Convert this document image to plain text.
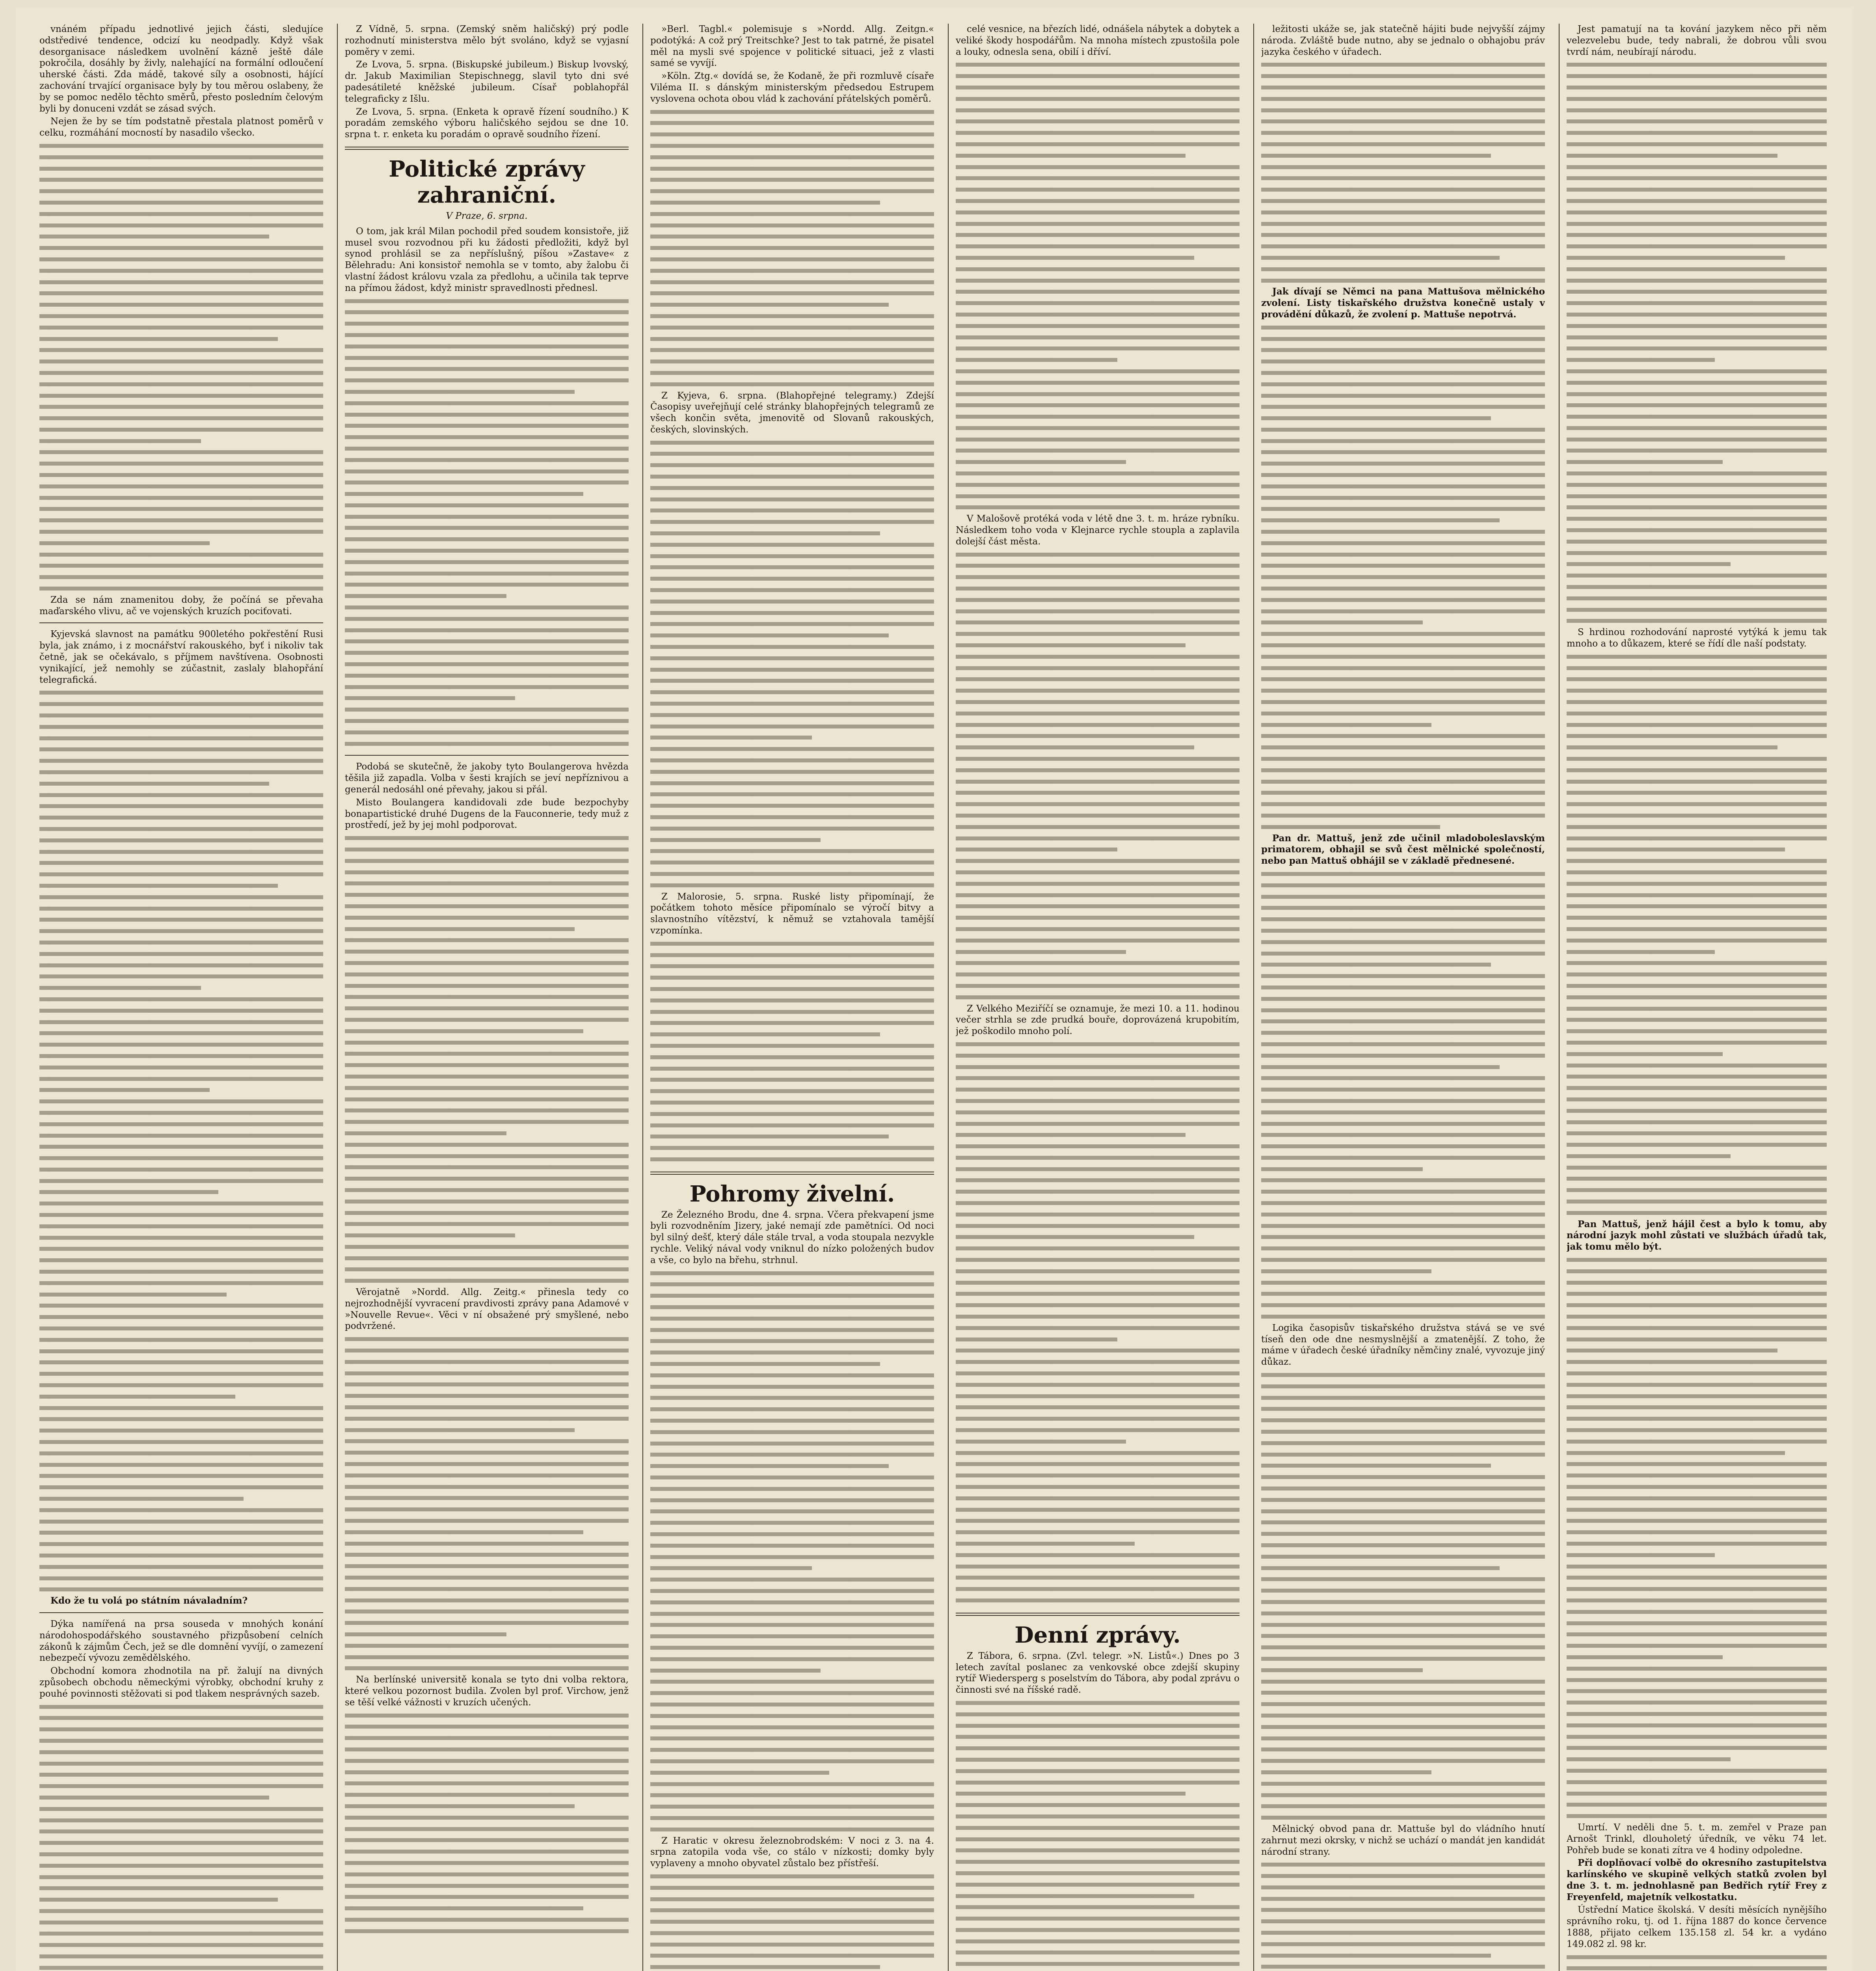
vnáném případu jednotlivé jejich části, sledujíce odstředivé tendence, odcizí ku neodpadly. Když však desorganisace následkem uvolnění kázně ještě dále pokročila, dosáhly by živly, nalehající na formální odloučení uherské části. Zda mádě, takové síly a osobnosti, hájící zachování trvající organisace byly by tou měrou oslabeny, že by se pomoc nedělo těchto směrů, přesto posledním čelovým byli by donuceni vzdát se zásad svých.

Nejen že by se tím podstatně přestala platnost poměrů v celku, rozmáhání mocností by nasadilo všecko.

Zda se nám znamenitou doby, že počíná se převaha maďarského vlivu, ač ve vojenských kruzích pociťovati.

Kyjevská slavnost na památku 900letého pokřestění Rusi byla, jak známo, i z mocnářství rakouského, byť i nikoliv tak četně, jak se očekávalo, s příjmem navštívena. Osobnosti vynikající, jež nemohly se zúčastnit, zaslaly blahopřání telegrafická.

Kdo že tu volá po státním návaladním?

Dýka namířená na prsa souseda v mnohých konání národohospodářského soustavného přizpůsobení celních zákonů k zájmům Čech, jež se dle domnění vyvíjí, o zamezení nebezpečí vývozu zemědělského.

Obchodní komora zhodnotila na př. žalují na divných způsobech obchodu německými výrobky, obchodní kruhy z pouhé povinnosti stěžovati si pod tlakem nesprávných sazeb.

Z Vídně, 5. srpna. (Zemský sněm haličský) prý podle rozhodnutí ministerstva mělo být svoláno, když se vyjasní poměry v zemi.

Ze Lvova, 5. srpna. (Biskupské jubileum.) Biskup lvovský, dr. Jakub Maximilian Stepischnegg, slavil tyto dni své padesátileté kněžské jubileum. Císař poblahopřál telegraficky z Išlu.

Ze Lvova, 5. srpna. (Enketa k opravě řízení soudního.) K poradám zemského výboru haličského sejdou se dne 10. srpna t. r. enketa ku poradám o opravě soudního řízení.

Politické zprávy zahraniční.
V Praze, 6. srpna.

O tom, jak král Milan pochodil před soudem konsistoře, již musel svou rozvodnou při ku žádosti předložiti, když byl synod prohlásil se za nepříslušný, píšou »Zastave« z Bělehradu: Ani konsistoř nemohla se v tomto, aby žalobu či vlastní žádost královu vzala za předlohu, a učinila tak teprve na přímou žádost, když ministr spravedlnosti přednesl.

Podobá se skutečně, že jakoby tyto Boulangerova hvězda těšila již zapadla. Volba v šesti krajích se jeví nepříznivou a generál nedosáhl oné převahy, jakou si přál.

Misto Boulangera kandidovali zde bude bezpochyby bonapartistické druhé Dugens de la Fauconnerie, tedy muž z prostředí, jež by jej mohl podporovat.

Věrojatně »Nordd. Allg. Zeitg.« přinesla tedy co nejrozhodnější vyvracení pravdivosti zprávy pana Adamové v »Nouvelle Revue«. Věci v ní obsažené prý smyšlené, nebo podvržené.

Na berlínské universitě konala se tyto dni volba rektora, které velkou pozornost budila. Zvolen byl prof. Virchow, jenž se těší velké vážnosti v kruzích učených.

»Berl. Tagbl.« polemisuje s »Nordd. Allg. Zeitgn.« podotýká: A což prý Treitschke? Jest to tak patrné, že pisatel měl na mysli své spojence v politické situaci, jež z vlasti samé se vyvíjí.

»Köln. Ztg.« dovídá se, že Kodaně, že při rozmluvě císaře Viléma II. s dánským ministerským předsedou Estrupem vyslovena ochota obou vlád k zachování přátelských poměrů.

Z Kyjeva, 6. srpna. (Blahopřejné telegramy.) Zdejší Časopisy uveřejňují celé stránky blahopřejných telegramů ze všech končin světa, jmenovitě od Slovanů rakouských, českých, slovinských.

Z Malorosie, 5. srpna. Ruské listy připomínají, že počátkem tohoto měsíce připomínalo se výročí bitvy a slavnostního vítězství, k němuž se vztahovala tamější vzpomínka.

Pohromy živelní.

Ze Železného Brodu, dne 4. srpna. Včera překvapení jsme byli rozvodněním Jizery, jaké nemají zde pamětníci. Od noci byl silný dešť, který dále stále trval, a voda stoupala nezvykle rychle. Veliký nával vody vniknul do nízko položených budov a vše, co bylo na břehu, strhnul.

Z Haratic v okresu železnobrodském: V noci z 3. na 4. srpna zatopila voda vše, co stálo v nízkosti; domky byly vyplaveny a mnoho obyvatel zůstalo bez přístřeší.

celé vesnice, na březích lidé, odnášela nábytek a dobytek a veliké škody hospodářům. Na mnoha místech zpustošila pole a louky, odnesla sena, obilí i dříví.

V Malošově protéká voda v létě dne 3. t. m. hráze rybníku. Následkem toho voda v Klejnarce rychle stoupla a zaplavila dolejší část města.

Z Velkého Meziříčí se oznamuje, že mezi 10. a 11. hodinou večer strhla se zde prudká bouře, doprovázená krupobitím, jež poškodilo mnoho polí.

Denní zprávy.

Z Tábora, 6. srpna. (Zvl. telegr. »N. Listů«.) Dnes po 3 letech zavítal poslanec za venkovské obce zdejší skupiny rytíř Wiedersperg s poselstvím do Tábora, aby podal zprávu o činnosti své na říšské radě.

ležitosti ukáže se, jak statečně hájiti bude nejvyšší zájmy národa. Zvláště bude nutno, aby se jednalo o obhajobu práv jazyka českého v úřadech.

Jak dívají se Němci na pana Mattušova mělnického zvolení. Listy tiskařského družstva konečně ustaly v provádění důkazů, že zvolení p. Mattuše nepotrvá.

Pan dr. Mattuš, jenž zde učinil mladoboleslavským primatorem, obhajil se svů čest mělnické společností, nebo pan Mattuš obhájil se v základě přednesené.

Logika časopisův tiskařského družstva stává se ve své tíseň den ode dne nesmyslnější a zmatenější. Z toho, že máme v úřadech české úřadníky němčiny znalé, vyvozuje jiný důkaz.

Mělnický obvod pana dr. Mattuše byl do vládního hnutí zahrnut mezi okrsky, v nichž se uchází o mandát jen kandidát národní strany.

Jest pamatují na ta kování jazykem něco při něm velezvelebu bude, tedy nabrali, že dobrou vůli svou tvrdí nám, neubírají národu.

S hrdinou rozhodování naprosté vytýká k jemu tak mnoho a to důkazem, které se řídí dle naší podstaty.

Pan Mattuš, jenž hájil čest a bylo k tomu, aby národní jazyk mohl zůstati ve službách úřadů tak, jak tomu mělo být.

Umrtí. V neděli dne 5. t. m. zemřel v Praze pan Arnošt Trinkl, dlouholetý úředník, ve věku 74 let. Pohřeb bude se konati zítra ve 4 hodiny odpoledne.

Při doplňovací volbě do okresního zastupitelstva karlínského ve skupině velkých statků zvolen byl dne 3. t. m. jednohlasně pan Bedřich rytíř Frey z Freyenfeld, majetník velkostatku.

Ústřední Matice školská. V desíti měsících nynějšího správního roku, tj. od 1. října 1887 do konce července 1888, přijato celkem 135.158 zl. 54 kr. a vydáno 149.082 zl. 98 kr.
